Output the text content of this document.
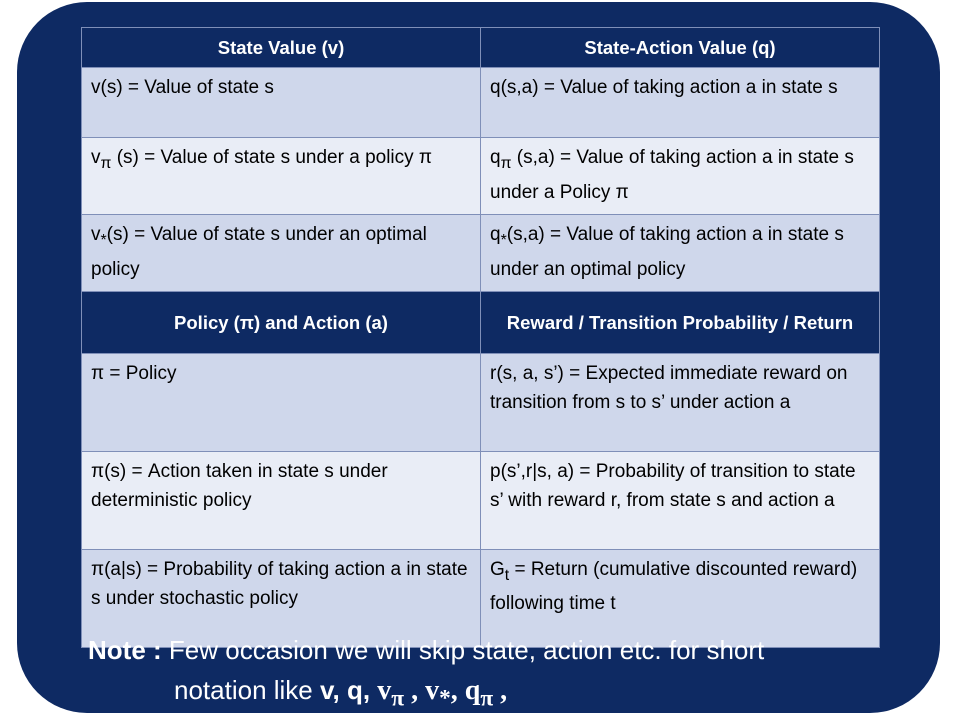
State Value (v)	State-Action Value (q)
v(s) = Value of state s	q(s,a) = Value of taking action a in state s
$v_\pi$ (s) = Value of state s under a policy π	$q_\pi$ (s,a) = Value of taking action a in state s under a Policy π
$v_*(s)$ = Value of state s under an optimal policy	$q_*(s,a)$ = Value of taking action a in state s under an optimal policy
Policy (π) and Action (a)	Reward / Transition Probability / Return
π = Policy	r(s, a, s’) = Expected immediate reward on transition from s to s’ under action a
π(s) = Action taken in state s under deterministic policy	p(s’,r|s, a) = Probability of transition to state s’ with reward r, from state s and action a
π(a|s) = Probability of taking action a in state s under stochastic policy	$G_t$ = Return (cumulative discounted reward) following time t
Note : Few occasion we will skip state, action etc. for short
notation like v, q, $v_\pi$ , $v_*$, $q_\pi$ ,
